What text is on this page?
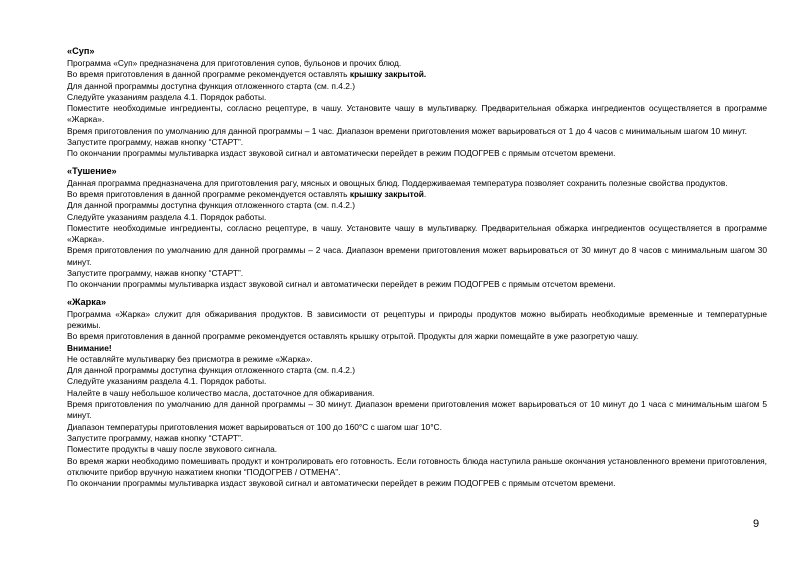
«Суп»

Программа «Суп» предназначена для приготовления супов, бульонов и прочих блюд.

Во время приготовления в данной программе рекомендуется оставлять крышку закрытой.

Для данной программы доступна функция отложенного старта (см. п.4.2.)

Следуйте указаниям раздела 4.1. Порядок работы.

Поместите необходимые ингредиенты, согласно рецептуре, в чашу. Установите чашу в мультиварку. Предварительная обжарка ингредиентов осуществляется в программе «Жарка».

Время приготовления по умолчанию для данной программы – 1 час. Диапазон времени приготовления может варьироваться от 1 до 4 часов с минимальным шагом 10 минут.

Запустите программу, нажав кнопку “СТАРТ”.

По окончании программы мультиварка издаст звуковой сигнал и автоматически перейдет в режим ПОДОГРЕВ с прямым отсчетом времени.

«Тушение»

Данная программа предназначена для приготовления рагу, мясных и овощных блюд. Поддерживаемая температура позволяет сохранить полезные свойства продуктов.

Во время приготовления в данной программе рекомендуется оставлять крышку закрытой.

Для данной программы доступна функция отложенного старта (см. п.4.2.)

Следуйте указаниям раздела 4.1. Порядок работы.

Поместите необходимые ингредиенты, согласно рецептуре, в чашу. Установите чашу в мультиварку. Предварительная обжарка ингредиентов осуществляется в программе «Жарка».

Время приготовления по умолчанию для данной программы – 2 часа. Диапазон времени приготовления может варьироваться от 30 минут до 8 часов с минимальным шагом 30 минут.

Запустите программу, нажав кнопку “СТАРТ”.

По окончании программы мультиварка издаст звуковой сигнал и автоматически перейдет в режим ПОДОГРЕВ с прямым отсчетом времени.

«Жарка»

Программа «Жарка» служит для обжаривания продуктов. В зависимости от рецептуры и природы продуктов можно выбирать необходимые временные и температурные режимы.

Во время приготовления в данной программе рекомендуется оставлять крышку отрытой. Продукты для жарки помещайте в уже разогретую чашу.

Внимание!

Не оставляйте мультиварку без присмотра в режиме «Жарка».

Для данной программы доступна функция отложенного старта (см. п.4.2.)

Следуйте указаниям раздела 4.1. Порядок работы.

Налейте в чашу небольшое количество масла, достаточное для обжаривания.

Время приготовления по умолчанию для данной программы – 30 минут. Диапазон времени приготовления может варьироваться от 10 минут до 1 часа с минимальным шагом 5 минут.

Диапазон температуры приготовления может варьироваться от 100 до 160°С с шагом шаг 10°С.

Запустите программу, нажав кнопку “СТАРТ”.

Поместите продукты в чашу после звукового сигнала.

Во время жарки необходимо помешивать продукт и контролировать его готовность. Если готовность блюда наступила раньше окончания установленного времени приготовления, отключите прибор вручную нажатием кнопки “ПОДОГРЕВ / ОТМЕНА”.

По окончании программы мультиварка издаст звуковой сигнал и автоматически перейдет в режим ПОДОГРЕВ с прямым отсчетом времени.

9
